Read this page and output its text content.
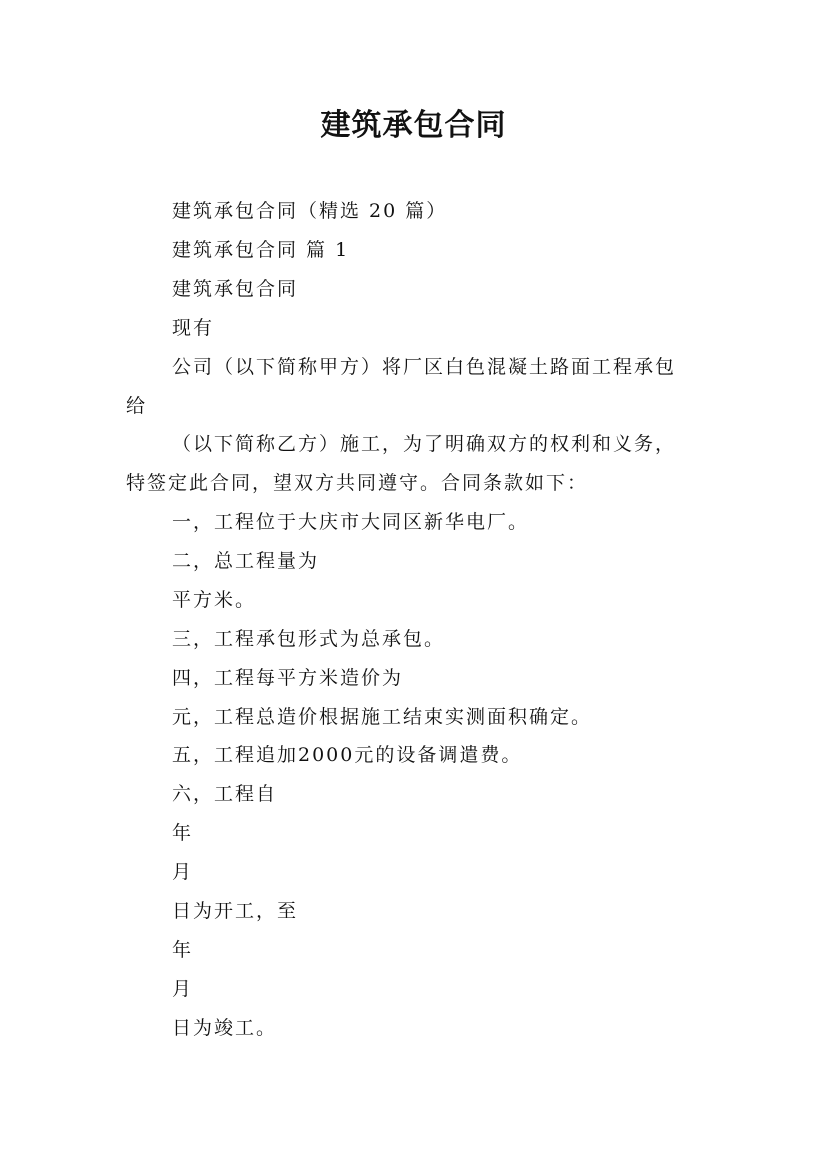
建筑承包合同
建筑承包合同（精选 20 篇）
建筑承包合同 篇 1
建筑承包合同
现有
公司（以下简称甲方）将厂区白色混凝土路面工程承包
给
（以下简称乙方）施工，为了明确双方的权利和义务，
特签定此合同，望双方共同遵守。合同条款如下：
一，工程位于大庆市大同区新华电厂。
二，总工程量为
平方米。
三，工程承包形式为总承包。
四，工程每平方米造价为
元，工程总造价根据施工结束实测面积确定。
五，工程追加2000元的设备调遣费。
六，工程自
年
月
日为开工，至
年
月
日为竣工。
